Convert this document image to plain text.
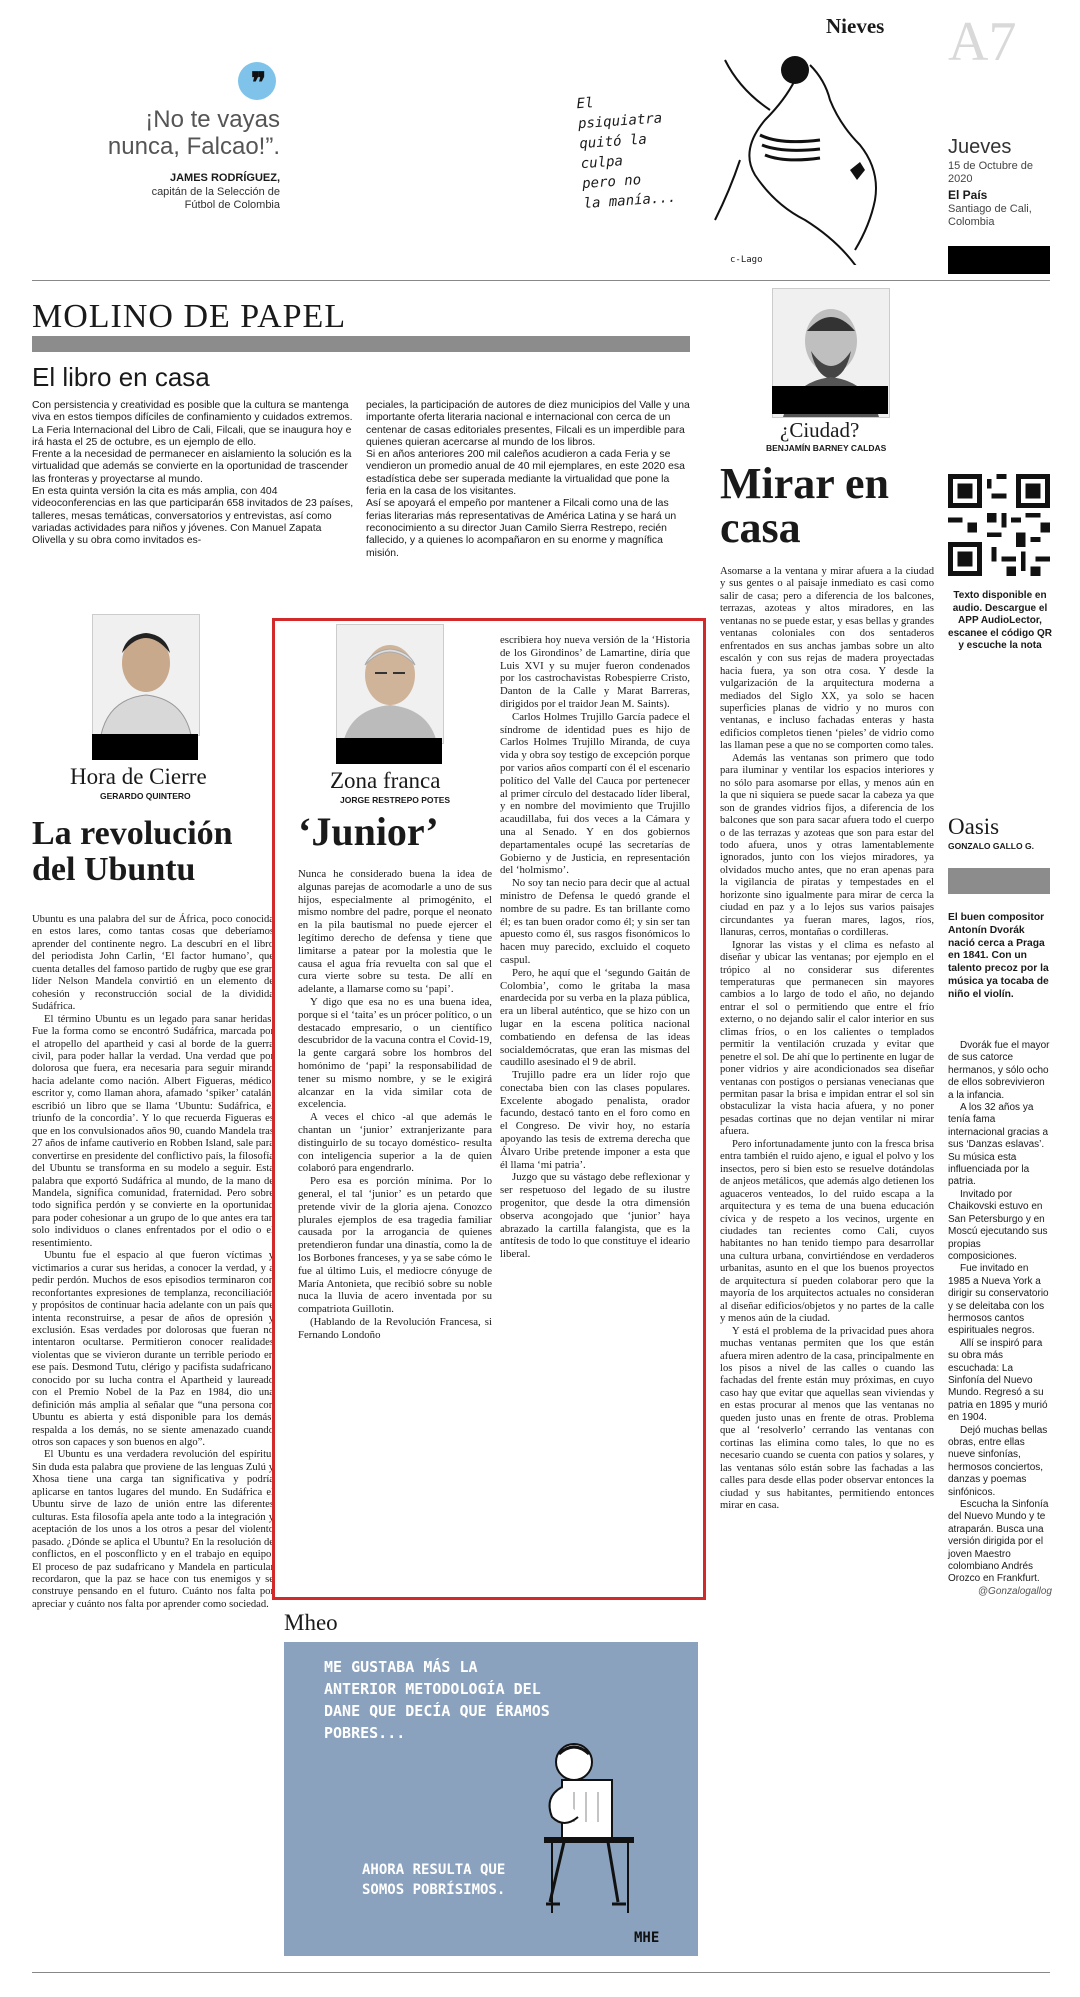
❞
¡No te vayas nunca, Falcao!”.
JAMES RODRÍGUEZ,
capitán de la Selección de Fútbol de Colombia
Nieves
El
psiquiatra
quitó la
culpa
pero no
la manía...
c-Lago
A7
Jueves
15 de Octubre de 2020
El País
Santiago de Cali, Colombia
MOLINO DE PAPEL
El libro en casa

Con persistencia y creatividad es posible que la cultura se mantenga viva en estos tiempos difíciles de confinamiento y cuidados extremos.

La Feria Internacional del Libro de Cali, Filcali, que se inaugura hoy e irá hasta el 25 de octubre, es un ejemplo de ello.

Frente a la necesidad de permanecer en aislamiento la solución es la virtualidad que además se convierte en la oportunidad de trascender las fronteras y proyectarse al mundo.

En esta quinta versión la cita es más amplia, con 404 videoconferencias en las que participarán 658 invitados de 23 países, talleres, mesas temáticas, conversatorios y entrevistas, así como variadas actividades para niños y jóvenes. Con Manuel Zapata Olivella y su obra como invitados es-

peciales, la participación de autores de diez municipios del Valle y una importante oferta literaria nacional e internacional con cerca de un centenar de casas editoriales presentes, Filcali es un imperdible para quienes quieran acercarse al mundo de los libros.

Si en años anteriores 200 mil caleños acudieron a cada Feria y se vendieron un promedio anual de 40 mil ejemplares, en este 2020 esa estadística debe ser superada mediante la virtualidad que pone la feria en la casa de los visitantes.

Así se apoyará el empeño por mantener a Filcali como una de las ferias literarias más representativas de América Latina y se hará un reconocimiento a su director Juan Camilo Sierra Restrepo, recién fallecido, y a quienes lo acompañaron en su enorme y magnífica misión.

¿Ciudad?
BENJAMÍN BARNEY CALDAS
Mirar en casa

Asomarse a la ventana y mirar afuera a la ciudad y sus gentes o al paisaje inmediato es casi como salir de casa; pero a diferencia de los balcones, terrazas, azoteas y altos miradores, en las ventanas no se puede estar, y esas bellas y grandes ventanas coloniales con dos sentaderos enfrentados en sus anchas jambas sobre un alto escalón y con sus rejas de madera proyectadas hacia fuera, ya son otra cosa. Y desde la vulgarización de la arquitectura moderna a mediados del Siglo XX, ya solo se hacen superficies planas de vidrio y no muros con ventanas, e incluso fachadas enteras y hasta edificios completos tienen ‘pieles’ de vidrio como las llaman pese a que no se comporten como tales.

Además las ventanas son primero que todo para iluminar y ventilar los espacios interiores y no sólo para asomarse por ellas, y menos aún en la que ni siquiera se puede sacar la cabeza ya que son de grandes vidrios fijos, a diferencia de los balcones que son para sacar afuera todo el cuerpo o de las terrazas y azoteas que son para estar del todo afuera, unos y otras lamentablemente ignorados, junto con los viejos miradores, ya olvidados mucho antes, que no eran apenas para la vigilancia de piratas y tempestades en el horizonte sino igualmente para mirar de cerca la ciudad en paz y a lo lejos sus varios paisajes circundantes ya fueran mares, lagos, ríos, llanuras, cerros, montañas o cordilleras.

Ignorar las vistas y el clima es nefasto al diseñar y ubicar las ventanas; por ejemplo en el trópico al no considerar sus diferentes temperaturas que permanecen sin mayores cambios a lo largo de todo el año, no dejando entrar el sol o permitiendo que entre el frío externo, o no dejando salir el calor interior en sus climas fríos, o en los calientes o templados permitir la ventilación cruzada y evitar que penetre el sol. De ahí que lo pertinente en lugar de poner vidrios y aire acondicionados sea diseñar ventanas con postigos o persianas venecianas que permitan pasar la brisa e impidan entrar el sol sin obstaculizar la vista hacia afuera, y no poner pesadas cortinas que no dejan ventilar ni mirar afuera.

Pero infortunadamente junto con la fresca brisa entra también el ruido ajeno, e igual el polvo y los insectos, pero si bien esto se resuelve dotándolas de anjeos metálicos, que además algo detienen los aguaceros venteados, lo del ruido escapa a la arquitectura y es tema de una buena educación cívica y de respeto a los vecinos, urgente en ciudades tan recientes como Cali, cuyos habitantes no han tenido tiempo para desarrollar una cultura urbana, convirtiéndose en verdaderos urbanitas, asunto en el que los buenos proyectos de arquitectura sí pueden colaborar pero que la mayoría de los arquitectos actuales no consideran al diseñar edificios/objetos y no partes de la calle y menos aún de la ciudad.

Y está el problema de la privacidad pues ahora muchas ventanas permiten que los que están afuera miren adentro de la casa, principalmente en los pisos a nivel de las calles o cuando las fachadas del frente están muy próximas, en cuyo caso hay que evitar que aquellas sean viviendas y en estas procurar al menos que las ventanas no queden justo unas en frente de otras. Problema que al ‘resolverlo’ cerrando las ventanas con cortinas las elimina como tales, lo que no es necesario cuando se cuenta con patios y solares, y las ventanas sólo están sobre las fachadas a las calles para desde ellas poder observar entonces la ciudad y sus habitantes, permitiendo entonces mirar en casa.

Texto disponible en audio. Descargue el APP AudioLector, escanee el código QR y escuche la nota
Oasis
GONZALO GALLO G.
El buen compositor Antonín Dvorák nació cerca a Praga en 1841. Con un talento precoz por la música ya tocaba de niño el violín.

Dvorák fue el mayor de sus catorce hermanos, y sólo ocho de ellos sobrevivieron a la infancia.

A los 32 años ya tenía fama internacional gracias a sus ‘Danzas eslavas’. Su música esta influenciada por la patria.

Invitado por Chaikovski estuvo en San Petersburgo y en Moscú ejecutando sus propias composiciones.

Fue invitado en 1985 a Nueva York a dirigir su conservatorio y se deleitaba con los hermosos cantos espirituales negros.

Allí se inspiró para su obra más escuchada: La Sinfonía del Nuevo Mundo. Regresó a su patria en 1895 y murió en 1904.

Dejó muchas bellas obras, entre ellas nueve sinfonías, hermosos conciertos, danzas y poemas sinfónicos.

Escucha la Sinfonía del Nuevo Mundo y te atraparán. Busca una versión dirigida por el joven Maestro colombiano Andrés Orozco en Frankfurt.

@Gonzalogallog

Hora de Cierre
GERARDO QUINTERO
La revolución del Ubuntu

Ubuntu es una palabra del sur de África, poco conocida en estos lares, como tantas cosas que deberíamos aprender del continente negro. La descubrí en el libro del periodista John Carlin, ‘El factor humano’, que cuenta detalles del famoso partido de rugby que ese gran líder Nelson Mandela convirtió en un elemento de cohesión y reconstrucción social de la dividida Sudáfrica.

El término Ubuntu es un legado para sanar heridas. Fue la forma como se encontró Sudáfrica, marcada por el atropello del apartheid y casi al borde de la guerra civil, para poder hallar la verdad. Una verdad que por dolorosa que fuera, era necesaria para seguir mirando hacia adelante como nación. Albert Figueras, médico, escritor y, como llaman ahora, afamado ‘spiker’ catalán, escribió un libro que se llama ‘Ubuntu: Sudáfrica, el triunfo de la concordia’. Y lo que recuerda Figueras es que en los convulsionados años 90, cuando Mandela tras 27 años de infame cautiverio en Robben Island, sale para convertirse en presidente del conflictivo país, la filosofía del Ubuntu se transforma en su modelo a seguir. Esta palabra que exportó Sudáfrica al mundo, de la mano de Mandela, significa comunidad, fraternidad. Pero sobre todo significa perdón y se convierte en la oportunidad para poder cohesionar a un grupo de lo que antes era tan solo individuos o clanes enfrentados por el odio o el resentimiento.

Ubuntu fue el espacio al que fueron víctimas y victimarios a curar sus heridas, a conocer la verdad, y a pedir perdón. Muchos de esos episodios terminaron con reconfortantes expresiones de templanza, reconciliación y propósitos de continuar hacia adelante con un país que intenta reconstruirse, a pesar de años de opresión y exclusión. Esas verdades por dolorosas que fueran no intentaron ocultarse. Permitieron conocer realidades violentas que se vivieron durante un terrible periodo en ese país. Desmond Tutu, clérigo y pacifista sudafricano, conocido por su lucha contra el Apartheid y laureado con el Premio Nobel de la Paz en 1984, dio una definición más amplia al señalar que “una persona con Ubuntu es abierta y está disponible para los demás, respalda a los demás, no se siente amenazado cuando otros son capaces y son buenos en algo”.

El Ubuntu es una verdadera revolución del espíritu. Sin duda esta palabra que proviene de las lenguas Zulú y Xhosa tiene una carga tan significativa y podría aplicarse en tantos lugares del mundo. En Sudáfrica el Ubuntu sirve de lazo de unión entre las diferentes culturas. Esta filosofía apela ante todo a la integración y aceptación de los unos a los otros a pesar del violento pasado. ¿Dónde se aplica el Ubuntu? En la resolución de conflictos, en el posconflicto y en el trabajo en equipo. El proceso de paz sudafricano y Mandela en particular recordaron, que la paz se hace con tus enemigos y se construye pensando en el futuro. Cuánto nos falta por apreciar y cuánto nos falta por aprender como sociedad.

Zona franca
JORGE RESTREPO POTES
‘Junior’

Nunca he considerado buena la idea de algunas parejas de acomodarle a uno de sus hijos, especialmente al primogénito, el mismo nombre del padre, porque el neonato en la pila bautismal no puede ejercer el legítimo derecho de defensa y tiene que limitarse a patear por la molestia que le causa el agua fría revuelta con sal que el cura vierte sobre su testa. De allí en adelante, a llamarse como su ‘papi’.

Y digo que esa no es una buena idea, porque si el ‘taita’ es un prócer político, o un destacado empresario, o un científico descubridor de la vacuna contra el Covid-19, la gente cargará sobre los hombros del homónimo de ‘papi’ la responsabilidad de tener su mismo nombre, y se le exigirá alcanzar en la vida similar cota de excelencia.

A veces el chico -al que además le chantan un ‘junior’ extranjerizante para distinguirlo de su tocayo doméstico- resulta con inteligencia superior a la de quien colaboró para engendrarlo.

Pero esa es porción mínima. Por lo general, el tal ‘junior’ es un petardo que pretende vivir de la gloria ajena. Conozco plurales ejemplos de esa tragedia familiar causada por la arrogancia de quienes pretendieron fundar una dinastía, como la de los Borbones franceses, y ya se sabe cómo le fue al último Luis, el mediocre cónyuge de María Antonieta, que recibió sobre su noble nuca la lluvia de acero inventada por su compatriota Guillotin.

(Hablando de la Revolución Francesa, si Fernando Londoño

escribiera hoy nueva versión de la ‘Historia de los Girondinos’ de Lamartine, diría que Luis XVI y su mujer fueron condenados por los castrochavistas Robespierre Cristo, Danton de la Calle y Marat Barreras, dirigidos por el traidor Jean M. Saints).

Carlos Holmes Trujillo García padece el síndrome de identidad pues es hijo de Carlos Holmes Trujillo Miranda, de cuya vida y obra soy testigo de excepción porque por varios años compartí con él el escenario político del Valle del Cauca por pertenecer al primer círculo del destacado líder liberal, y en nombre del movimiento que Trujillo acaudillaba, fui dos veces a la Cámara y una al Senado. Y en dos gobiernos departamentales ocupé las secretarías de Gobierno y de Justicia, en representación del ‘holmismo’.

No soy tan necio para decir que al actual ministro de Defensa le quedó grande el nombre de su padre. Es tan brillante como él; es tan buen orador como él; y sin ser tan apuesto como él, sus rasgos fisonómicos lo hacen muy parecido, excluido el coqueto caspul.

Pero, he aquí que el ‘segundo Gaitán de Colombia’, como le gritaba la masa enardecida por su verba en la plaza pública, era un liberal auténtico, que se hizo con un lugar en la escena política nacional combatiendo en defensa de las ideas socialdemócratas, que eran las mismas del caudillo asesinado el 9 de abril.

Trujillo padre era un líder rojo que conectaba bien con las clases populares. Excelente abogado penalista, orador facundo, destacó tanto en el foro como en el Congreso. De vivir hoy, no estaría apoyando las tesis de extrema derecha que Álvaro Uribe pretende imponer a esta que él llama ‘mi patria’.

Juzgo que su vástago debe reflexionar y ser respetuoso del legado de su ilustre progenitor, que desde la otra dimensión observa acongojado que ‘junior’ haya abrazado la cartilla falangista, que es la antítesis de todo lo que constituye el ideario liberal.

Mheo
ME GUSTABA MÁS LA ANTERIOR METODOLOGÍA DEL DANE QUE DECÍA QUE ÉRAMOS POBRES...
AHORA RESULTA QUE SOMOS POBRÍSIMOS.
MHE
